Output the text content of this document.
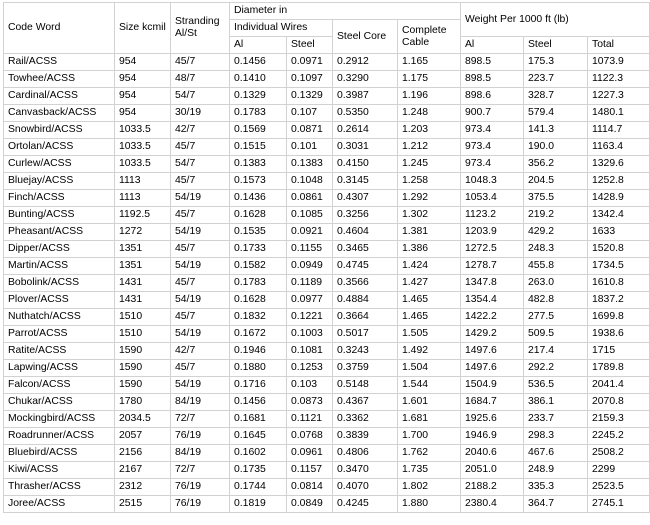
Code Word	Size kcmil	Stranding Al/St	Diameter in				Weight Per 1000 ft (lb)		
			Individual Wires		Steel Core	Complete Cable			
			Al	Steel			Al	Steel	Total
Rail/ACSS	954	45/7	0.1456	0.0971	0.2912	1.165	898.5	175.3	1073.9
Towhee/ACSS	954	48/7	0.1410	0.1097	0.3290	1.175	898.5	223.7	1122.3
Cardinal/ACSS	954	54/7	0.1329	0.1329	0.3987	1.196	898.6	328.7	1227.3
Canvasback/ACSS	954	30/19	0.1783	0.107	0.5350	1.248	900.7	579.4	1480.1
Snowbird/ACSS	1033.5	42/7	0.1569	0.0871	0.2614	1.203	973.4	141.3	1114.7
Ortolan/ACSS	1033.5	45/7	0.1515	0.101	0.3031	1.212	973.4	190.0	1163.4
Curlew/ACSS	1033.5	54/7	0.1383	0.1383	0.4150	1.245	973.4	356.2	1329.6
Bluejay/ACSS	1113	45/7	0.1573	0.1048	0.3145	1.258	1048.3	204.5	1252.8
Finch/ACSS	1113	54/19	0.1436	0.0861	0.4307	1.292	1053.4	375.5	1428.9
Bunting/ACSS	1192.5	45/7	0.1628	0.1085	0.3256	1.302	1123.2	219.2	1342.4
Pheasant/ACSS	1272	54/19	0.1535	0.0921	0.4604	1.381	1203.9	429.2	1633
Dipper/ACSS	1351	45/7	0.1733	0.1155	0.3465	1.386	1272.5	248.3	1520.8
Martin/ACSS	1351	54/19	0.1582	0.0949	0.4745	1.424	1278.7	455.8	1734.5
Bobolink/ACSS	1431	45/7	0.1783	0.1189	0.3566	1.427	1347.8	263.0	1610.8
Plover/ACSS	1431	54/19	0.1628	0.0977	0.4884	1.465	1354.4	482.8	1837.2
Nuthatch/ACSS	1510	45/7	0.1832	0.1221	0.3664	1.465	1422.2	277.5	1699.8
Parrot/ACSS	1510	54/19	0.1672	0.1003	0.5017	1.505	1429.2	509.5	1938.6
Ratite/ACSS	1590	42/7	0.1946	0.1081	0.3243	1.492	1497.6	217.4	1715
Lapwing/ACSS	1590	45/7	0.1880	0.1253	0.3759	1.504	1497.6	292.2	1789.8
Falcon/ACSS	1590	54/19	0.1716	0.103	0.5148	1.544	1504.9	536.5	2041.4
Chukar/ACSS	1780	84/19	0.1456	0.0873	0.4367	1.601	1684.7	386.1	2070.8
Mockingbird/ACSS	2034.5	72/7	0.1681	0.1121	0.3362	1.681	1925.6	233.7	2159.3
Roadrunner/ACSS	2057	76/19	0.1645	0.0768	0.3839	1.700	1946.9	298.3	2245.2
Bluebird/ACSS	2156	84/19	0.1602	0.0961	0.4806	1.762	2040.6	467.6	2508.2
Kiwi/ACSS	2167	72/7	0.1735	0.1157	0.3470	1.735	2051.0	248.9	2299
Thrasher/ACSS	2312	76/19	0.1744	0.0814	0.4070	1.802	2188.2	335.3	2523.5
Joree/ACSS	2515	76/19	0.1819	0.0849	0.4245	1.880	2380.4	364.7	2745.1
